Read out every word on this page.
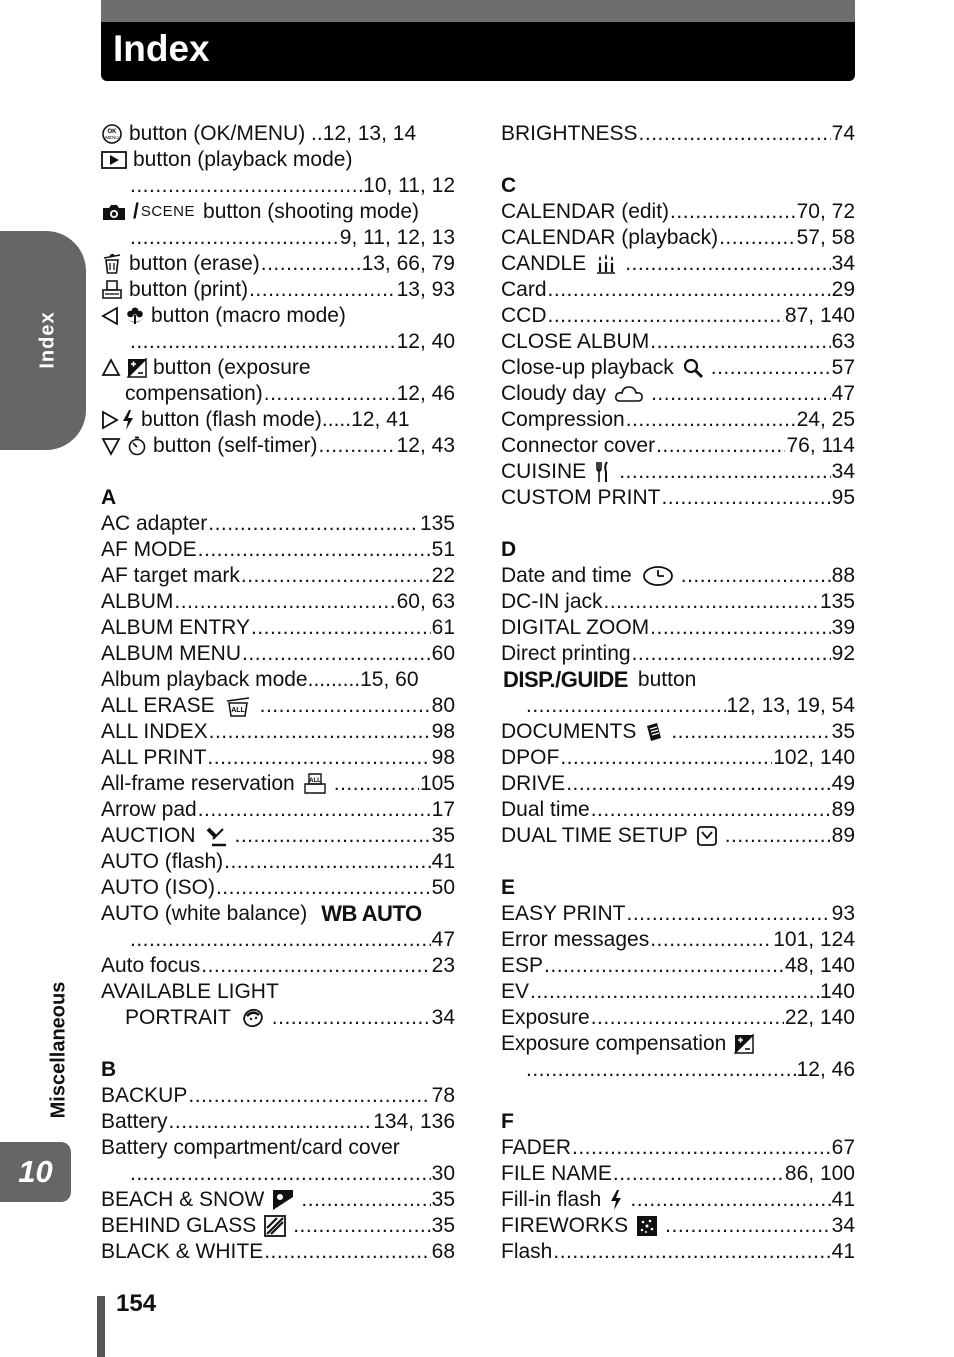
Index
Index
Miscellaneous
10
154
OK
MENU button (OK/MENU) .. 12, 13, 14
button (playback mode)
.....
10, 11, 12
/ SCENE button (shooting mode)
.....
9, 11, 12, 13
button (erase) .....	13, 66, 79
button (print) .....	13, 93
button (macro mode)
.....
12, 40
button (exposure
compensation) .....	12, 46
button (flash mode)..... 12, 41
button (self-timer) .....	12, 43
A
AC adapter .....	135
AF MODE .....	51
AF target mark .....	22
ALBUM .....	60, 63
ALBUM ENTRY .....	61
ALBUM MENU .....	60
Album playback mode......... 15, 60
ALL ERASE ALL .....	80
ALL INDEX .....	98
ALL PRINT .....	98
All-frame reservation ALL .....	105
Arrow pad .....	17
AUCTION .....	35
AUTO (flash) .....	41
AUTO (ISO) .....	50
AUTO (white balance) WB AUTO
.....
47
Auto focus .....	23
AVAILABLE LIGHT
PORTRAIT .....	34
B
BACKUP .....	78
Battery .....	134, 136
Battery compartment/card cover
.....
30
BEACH & SNOW .....	35
BEHIND GLASS .....	35
BLACK & WHITE .....	68
BRIGHTNESS .....	74
C
CALENDAR (edit) .....	70, 72
CALENDAR (playback) .....	57, 58
CANDLE .....	34
Card .....	29
CCD .....	87, 140
CLOSE ALBUM .....	63
Close-up playback .....	57
Cloudy day .....	47
Compression .....	24, 25
Connector cover .....	76, 114
CUISINE .....	34
CUSTOM PRINT .....	95
D
Date and time .....	88
DC-IN jack .....	135
DIGITAL ZOOM .....	39
Direct printing .....	92
DISP./GUIDE button
.....
12, 13, 19, 54
DOCUMENTS .....	35
DPOF .....	102, 140
DRIVE .....	49
Dual time .....	89
DUAL TIME SETUP .....	89
E
EASY PRINT .....	93
Error messages .....	101, 124
ESP .....	48, 140
EV .....	140
Exposure .....	22, 140
Exposure compensation
.....
12, 46
F
FADER .....	67
FILE NAME .....	86, 100
Fill-in flash .....	41
FIREWORKS .....	34
Flash .....	41
